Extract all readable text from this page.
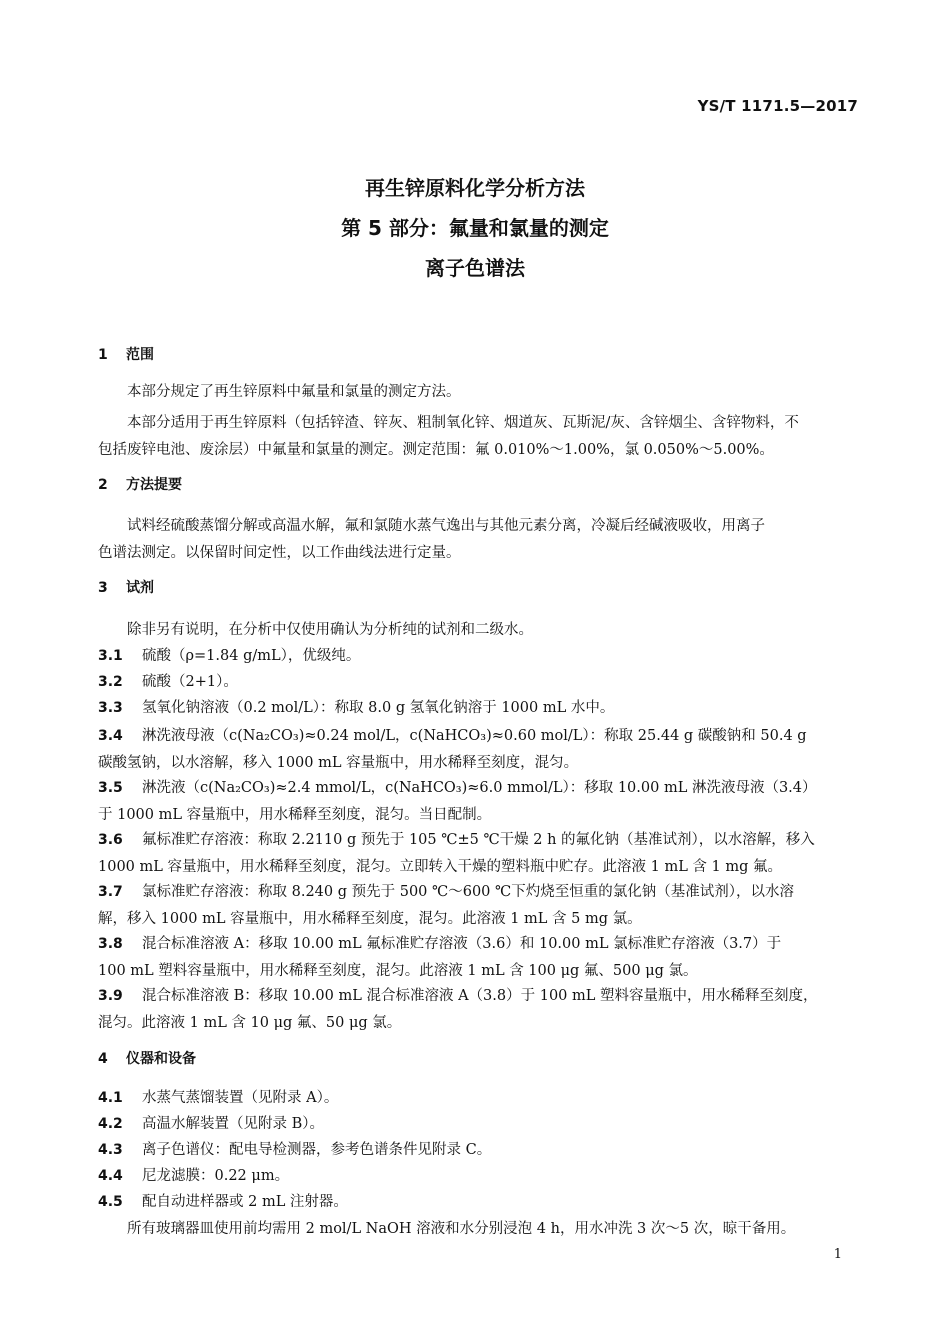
YS/T 1171.5—2017
再生锌原料化学分析方法
第 5 部分：氟量和氯量的测定
离子色谱法
1 范围
本部分规定了再生锌原料中氟量和氯量的测定方法。
本部分适用于再生锌原料（包括锌渣、锌灰、粗制氧化锌、烟道灰、瓦斯泥/灰、含锌烟尘、含锌物料，不
包括废锌电池、废涂层）中氟量和氯量的测定。测定范围：氟 0.010%～1.00%，氯 0.050%～5.00%。
2 方法提要
试料经硫酸蒸馏分解或高温水解，氟和氯随水蒸气逸出与其他元素分离，冷凝后经碱液吸收，用离子
色谱法测定。以保留时间定性，以工作曲线法进行定量。
3 试剂
除非另有说明，在分析中仅使用确认为分析纯的试剂和二级水。
3.1 硫酸（ρ=1.84 g/mL），优级纯。
3.2 硫酸（2+1）。
3.3 氢氧化钠溶液（0.2 mol/L）：称取 8.0 g 氢氧化钠溶于 1000 mL 水中。
3.4 淋洗液母液（c(Na₂CO₃)≈0.24 mol/L，c(NaHCO₃)≈0.60 mol/L）：称取 25.44 g 碳酸钠和 50.4 g
碳酸氢钠，以水溶解，移入 1000 mL 容量瓶中，用水稀释至刻度，混匀。
3.5 淋洗液（c(Na₂CO₃)≈2.4 mmol/L，c(NaHCO₃)≈6.0 mmol/L）：移取 10.00 mL 淋洗液母液（3.4）
于 1000 mL 容量瓶中，用水稀释至刻度，混匀。当日配制。
3.6 氟标准贮存溶液：称取 2.2110 g 预先于 105 ℃±5 ℃干燥 2 h 的氟化钠（基准试剂），以水溶解，移入
1000 mL 容量瓶中，用水稀释至刻度，混匀。立即转入干燥的塑料瓶中贮存。此溶液 1 mL 含 1 mg 氟。
3.7 氯标准贮存溶液：称取 8.240 g 预先于 500 ℃～600 ℃下灼烧至恒重的氯化钠（基准试剂），以水溶
解，移入 1000 mL 容量瓶中，用水稀释至刻度，混匀。此溶液 1 mL 含 5 mg 氯。
3.8 混合标准溶液 A：移取 10.00 mL 氟标准贮存溶液（3.6）和 10.00 mL 氯标准贮存溶液（3.7）于
100 mL 塑料容量瓶中，用水稀释至刻度，混匀。此溶液 1 mL 含 100 μg 氟、500 μg 氯。
3.9 混合标准溶液 B：移取 10.00 mL 混合标准溶液 A（3.8）于 100 mL 塑料容量瓶中，用水稀释至刻度，
混匀。此溶液 1 mL 含 10 μg 氟、50 μg 氯。
4 仪器和设备
4.1 水蒸气蒸馏装置（见附录 A）。
4.2 高温水解装置（见附录 B）。
4.3 离子色谱仪：配电导检测器，参考色谱条件见附录 C。
4.4 尼龙滤膜：0.22 μm。
4.5 配自动进样器或 2 mL 注射器。
所有玻璃器皿使用前均需用 2 mol/L NaOH 溶液和水分别浸泡 4 h，用水冲洗 3 次～5 次，晾干备用。
1
